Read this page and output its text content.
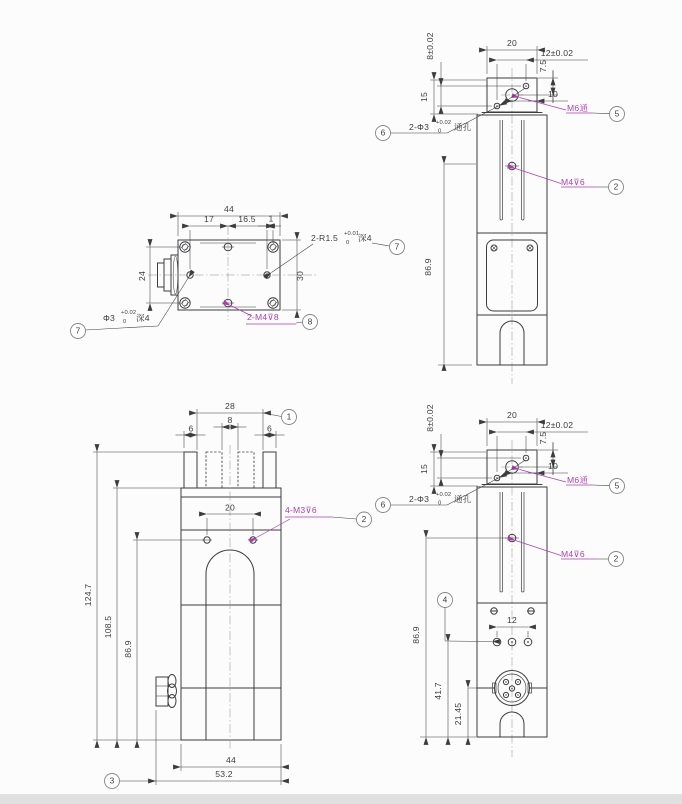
44
17	16.5 1
24	30
2-R1.5 +0.01
0 深4
Φ3 +0.02
0 深4	2-M4⊽8
7
7
8
20
12±0.02
8±0.02
15
7.5
10
86.9
M6通
2-Φ3 +0.02
0 通孔
M4⊽6
5
6
2
28
8
6	6
20	4-M3⊽6
124.7
108.5
86.9
44
53.2
1
2
3
20
12±0.02
8±0.02
15
7.5
10
M6通
2-Φ3 +0.02
0 通孔
M4⊽6
86.9
41.7
21.45
12
5
6
2
4
